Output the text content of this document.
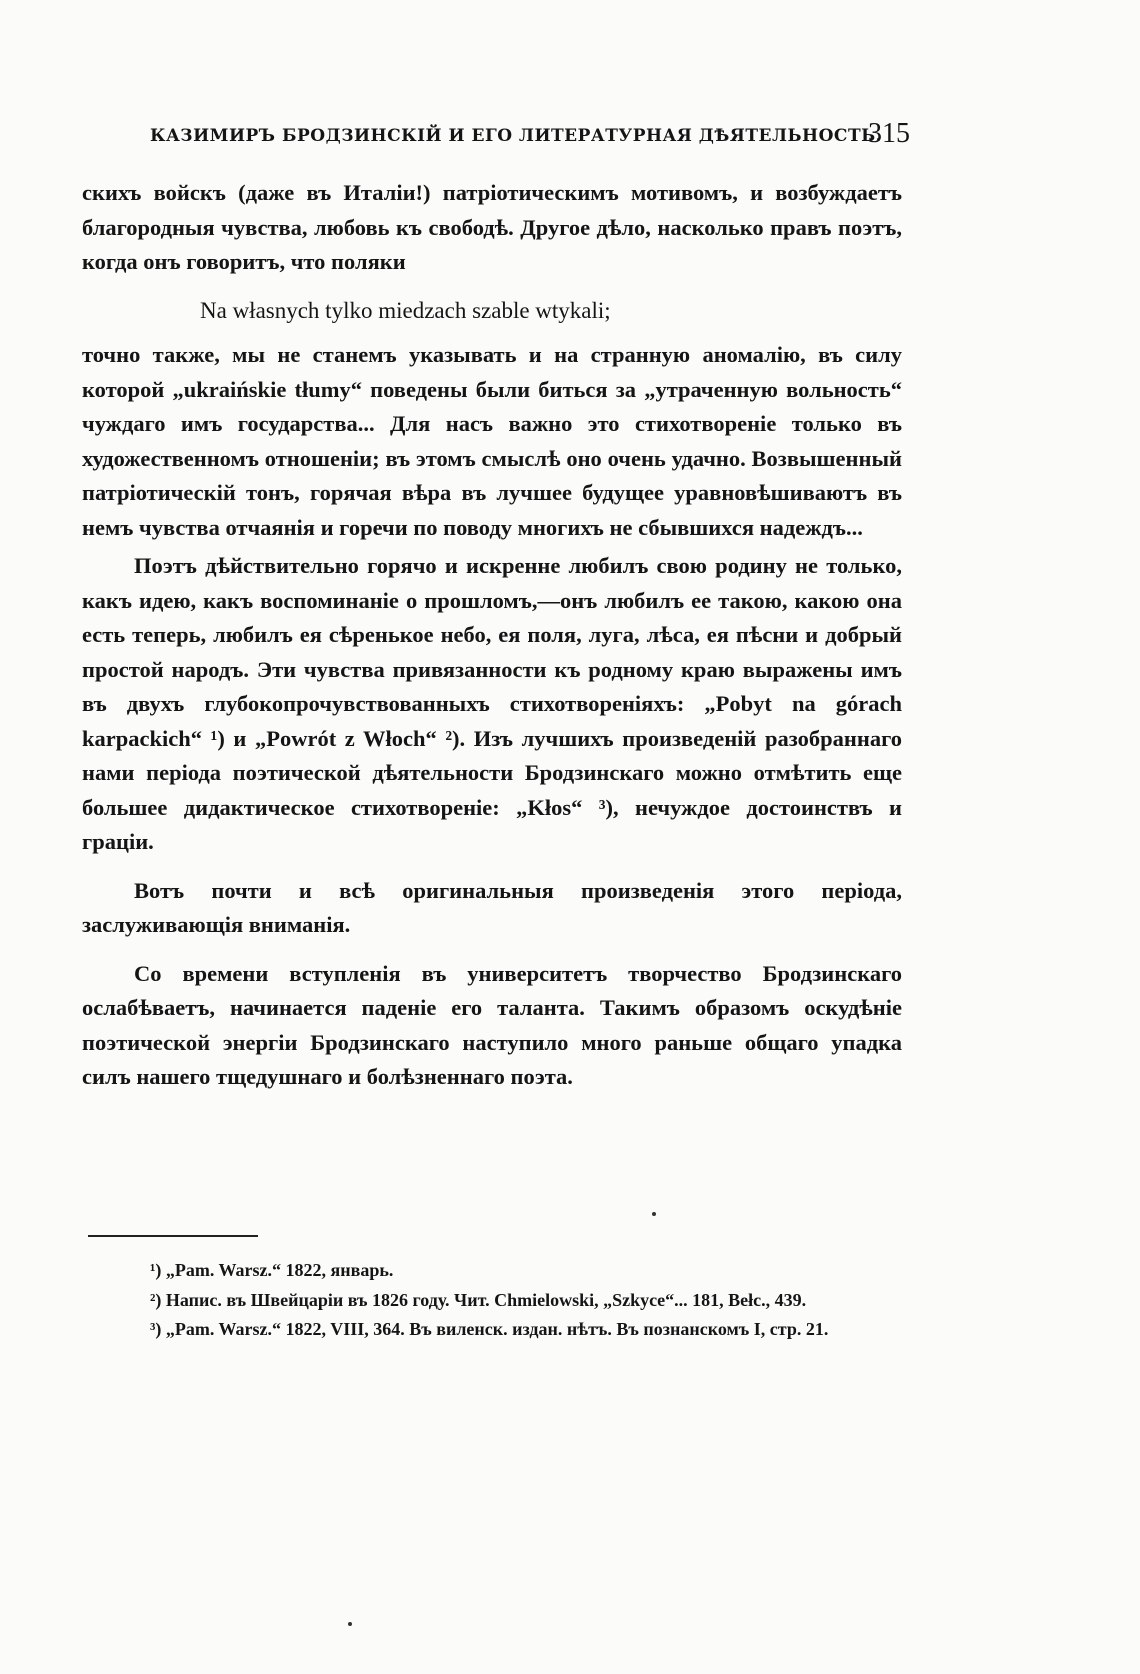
КАЗИМИРЪ БРОДЗИНСКІЙ И ЕГО ЛИТЕРАТУРНАЯ ДѢЯТЕЛЬНОСТЬ.
315

скихъ войскъ (даже въ Италіи!) патріотическимъ мотивомъ, и возбуждаетъ благородныя чувства, любовь къ свободѣ. Другое дѣло, насколько правъ поэтъ, когда онъ говоритъ, что поляки

Na własnych tylko miedzach szable wtykali;

точно также, мы не станемъ указывать и на странную аномалію, въ силу которой „ukraińskie tłumy“ поведены были биться за „утраченную вольность“ чуждаго имъ государства... Для насъ важно это стихотвореніе только въ художественномъ отношеніи; въ этомъ смыслѣ оно очень удачно. Возвышенный патріотическій тонъ, горячая вѣра въ лучшее будущее уравновѣшиваютъ въ немъ чувства отчаянія и горечи по поводу многихъ не сбывшихся надеждъ...

Поэтъ дѣйствительно горячо и искренне любилъ свою родину не только, какъ идею, какъ воспоминаніе о прошломъ,—онъ любилъ ее такою, какою она есть теперь, любилъ ея сѣренькое небо, ея поля, луга, лѣса, ея пѣсни и добрый простой народъ. Эти чувства привязанности къ родному краю выражены имъ въ двухъ глубокопрочувствованныхъ стихотвореніяхъ: „Pobyt na górach karpackich“ ¹) и „Powrót z Włoch“ ²). Изъ лучшихъ произведеній разобраннаго нами періода поэтической дѣятельности Бродзинскаго можно отмѣтить еще большее дидактическое стихотвореніе: „Kłos“ ³), нечуждое достоинствъ и граціи.

Вотъ почти и всѣ оригинальныя произведенія этого періода, заслуживающія вниманія.

Со времени вступленія въ университетъ творчество Бродзинскаго ослабѣваетъ, начинается паденіе его таланта. Такимъ образомъ оскудѣніе поэтической энергіи Бродзинскаго наступило много раньше общаго упадка силъ нашего тщедушнаго и болѣзненнаго поэта.

¹) „Pam. Warsz.“ 1822, январь.

²) Напис. въ Швейцаріи въ 1826 году. Чит. Chmielowski, „Szkyce“... 181, Bełc., 439.

³) „Pam. Warsz.“ 1822, VIII, 364. Въ виленск. издан. нѣтъ. Въ познанскомъ I, стр. 21.
